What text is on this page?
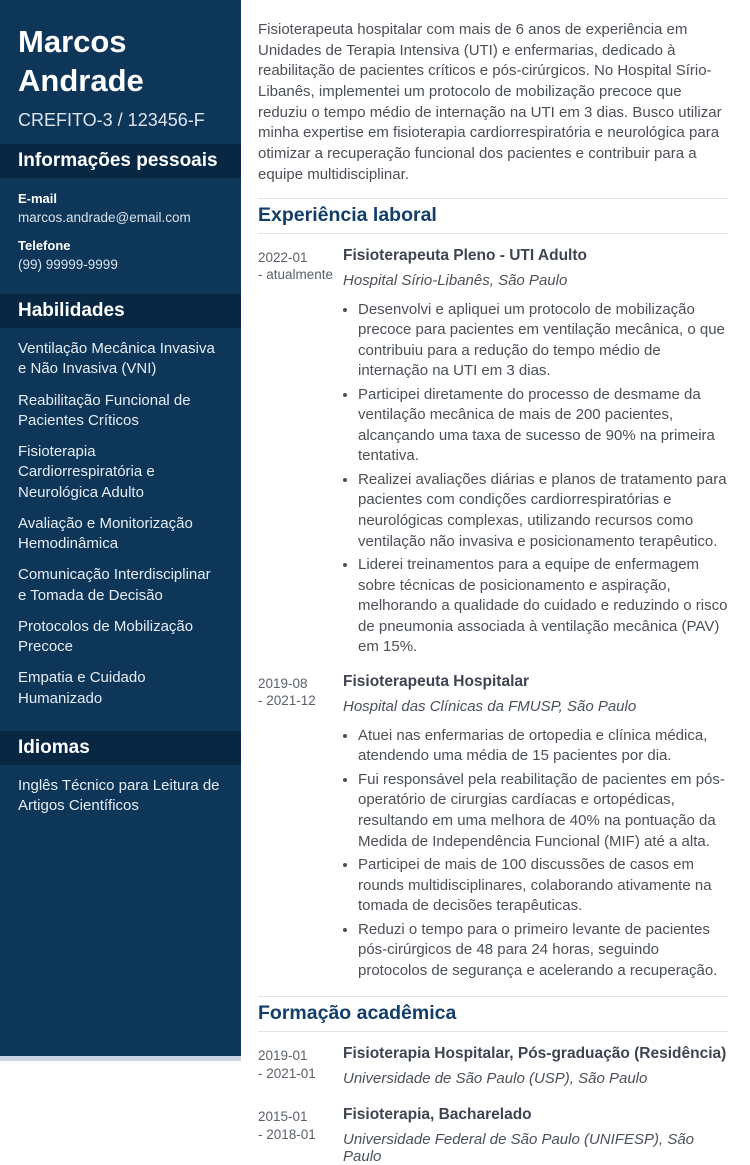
Marcos
Andrade
CREFITO-3 / 123456-F
Informações pessoais
E-mail
marcos.andrade@email.com
Telefone
(99) 99999-9999
Habilidades
Ventilação Mecânica Invasiva e Não Invasiva (VNI)
Reabilitação Funcional de Pacientes Críticos
Fisioterapia Cardiorrespiratória e Neurológica Adulto
Avaliação e Monitorização Hemodinâmica
Comunicação Interdisciplinar e Tomada de Decisão
Protocolos de Mobilização Precoce
Empatia e Cuidado Humanizado
Idiomas
Inglês Técnico para Leitura de Artigos Científicos

Fisioterapeuta hospitalar com mais de 6 anos de experiência em Unidades de Terapia Intensiva (UTI) e enfermarias, dedicado à reabilitação de pacientes críticos e pós-cirúrgicos. No Hospital Sírio-Libanês, implementei um protocolo de mobilização precoce que reduziu o tempo médio de internação na UTI em 3 dias. Busco utilizar minha expertise em fisioterapia cardiorrespiratória e neurológica para otimizar a recuperação funcional dos pacientes e contribuir para a equipe multidisciplinar.

Experiência laboral
2022-01
- atualmente
Fisioterapeuta Pleno - UTI Adulto
Hospital Sírio-Libanês, São Paulo
• Desenvolvi e apliquei um protocolo de mobilização precoce para pacientes em ventilação mecânica, o que contribuiu para a redução do tempo médio de internação na UTI em 3 dias.
• Participei diretamente do processo de desmame da ventilação mecânica de mais de 200 pacientes, alcançando uma taxa de sucesso de 90% na primeira tentativa.
• Realizei avaliações diárias e planos de tratamento para pacientes com condições cardiorrespiratórias e neurológicas complexas, utilizando recursos como ventilação não invasiva e posicionamento terapêutico.
• Liderei treinamentos para a equipe de enfermagem sobre técnicas de posicionamento e aspiração, melhorando a qualidade do cuidado e reduzindo o risco de pneumonia associada à ventilação mecânica (PAV) em 15%.
2019-08
- 2021-12
Fisioterapeuta Hospitalar
Hospital das Clínicas da FMUSP, São Paulo
• Atuei nas enfermarias de ortopedia e clínica médica, atendendo uma média de 15 pacientes por dia.
• Fui responsável pela reabilitação de pacientes em pós-operatório de cirurgias cardíacas e ortopédicas, resultando em uma melhora de 40% na pontuação da Medida de Independência Funcional (MIF) até a alta.
• Participei de mais de 100 discussões de casos em rounds multidisciplinares, colaborando ativamente na tomada de decisões terapêuticas.
• Reduzi o tempo para o primeiro levante de pacientes pós-cirúrgicos de 48 para 24 horas, seguindo protocolos de segurança e acelerando a recuperação.
Formação acadêmica
2019-01
- 2021-01
Fisioterapia Hospitalar, Pós-graduação (Residência)
Universidade de São Paulo (USP), São Paulo
2015-01
- 2018-01
Fisioterapia, Bacharelado
Universidade Federal de São Paulo (UNIFESP), São Paulo
